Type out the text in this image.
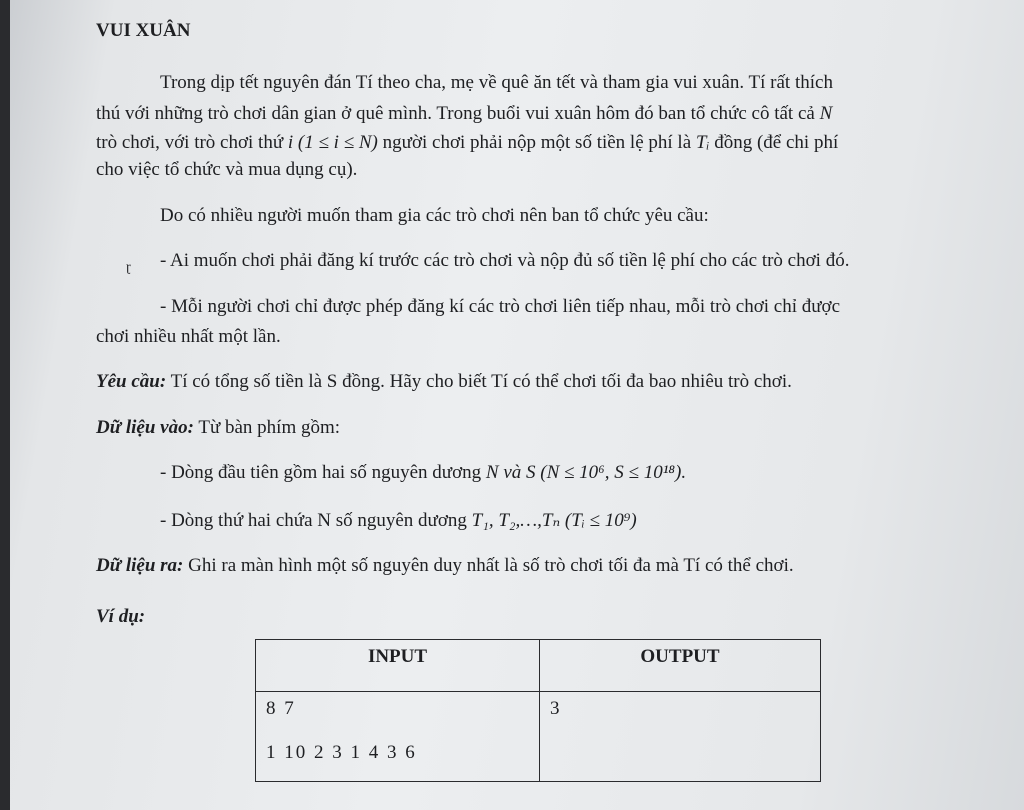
VUI XUÂN
Trong dịp tết nguyên đán Tí theo cha, mẹ về quê ăn tết và tham gia vui xuân. Tí rất thích
thú với những trò chơi dân gian ở quê mình. Trong buổi vui xuân hôm đó ban tổ chức cô tất cả N
trò chơi, với trò chơi thứ i (1 ≤ i ≤ N) người chơi phải nộp một số tiền lệ phí là Tᵢ đồng (để chi phí
cho việc tổ chức và mua dụng cụ).
Do có nhiều người muốn tham gia các trò chơi nên ban tổ chức yêu cầu:
ɽ - Ai muốn chơi phải đăng kí trước các trò chơi và nộp đủ số tiền lệ phí cho các trò chơi đó.
- Mỗi người chơi chỉ được phép đăng kí các trò chơi liên tiếp nhau, mỗi trò chơi chỉ được
chơi nhiều nhất một lần.
Yêu cầu: Tí có tổng số tiền là S đồng. Hãy cho biết Tí có thể chơi tối đa bao nhiêu trò chơi.
Dữ liệu vào: Từ bàn phím gồm:
- Dòng đầu tiên gồm hai số nguyên dương N và S (N ≤ 10⁶, S ≤ 10¹⁸).
- Dòng thứ hai chứa N số nguyên dương T₁, T₂,…,Tₙ (Tᵢ ≤ 10⁹)
Dữ liệu ra: Ghi ra màn hình một số nguyên duy nhất là số trò chơi tối đa mà Tí có thể chơi.
Ví dụ:
INPUT	OUTPUT

8 7
1 10 2 3 1 4 3 6	3
